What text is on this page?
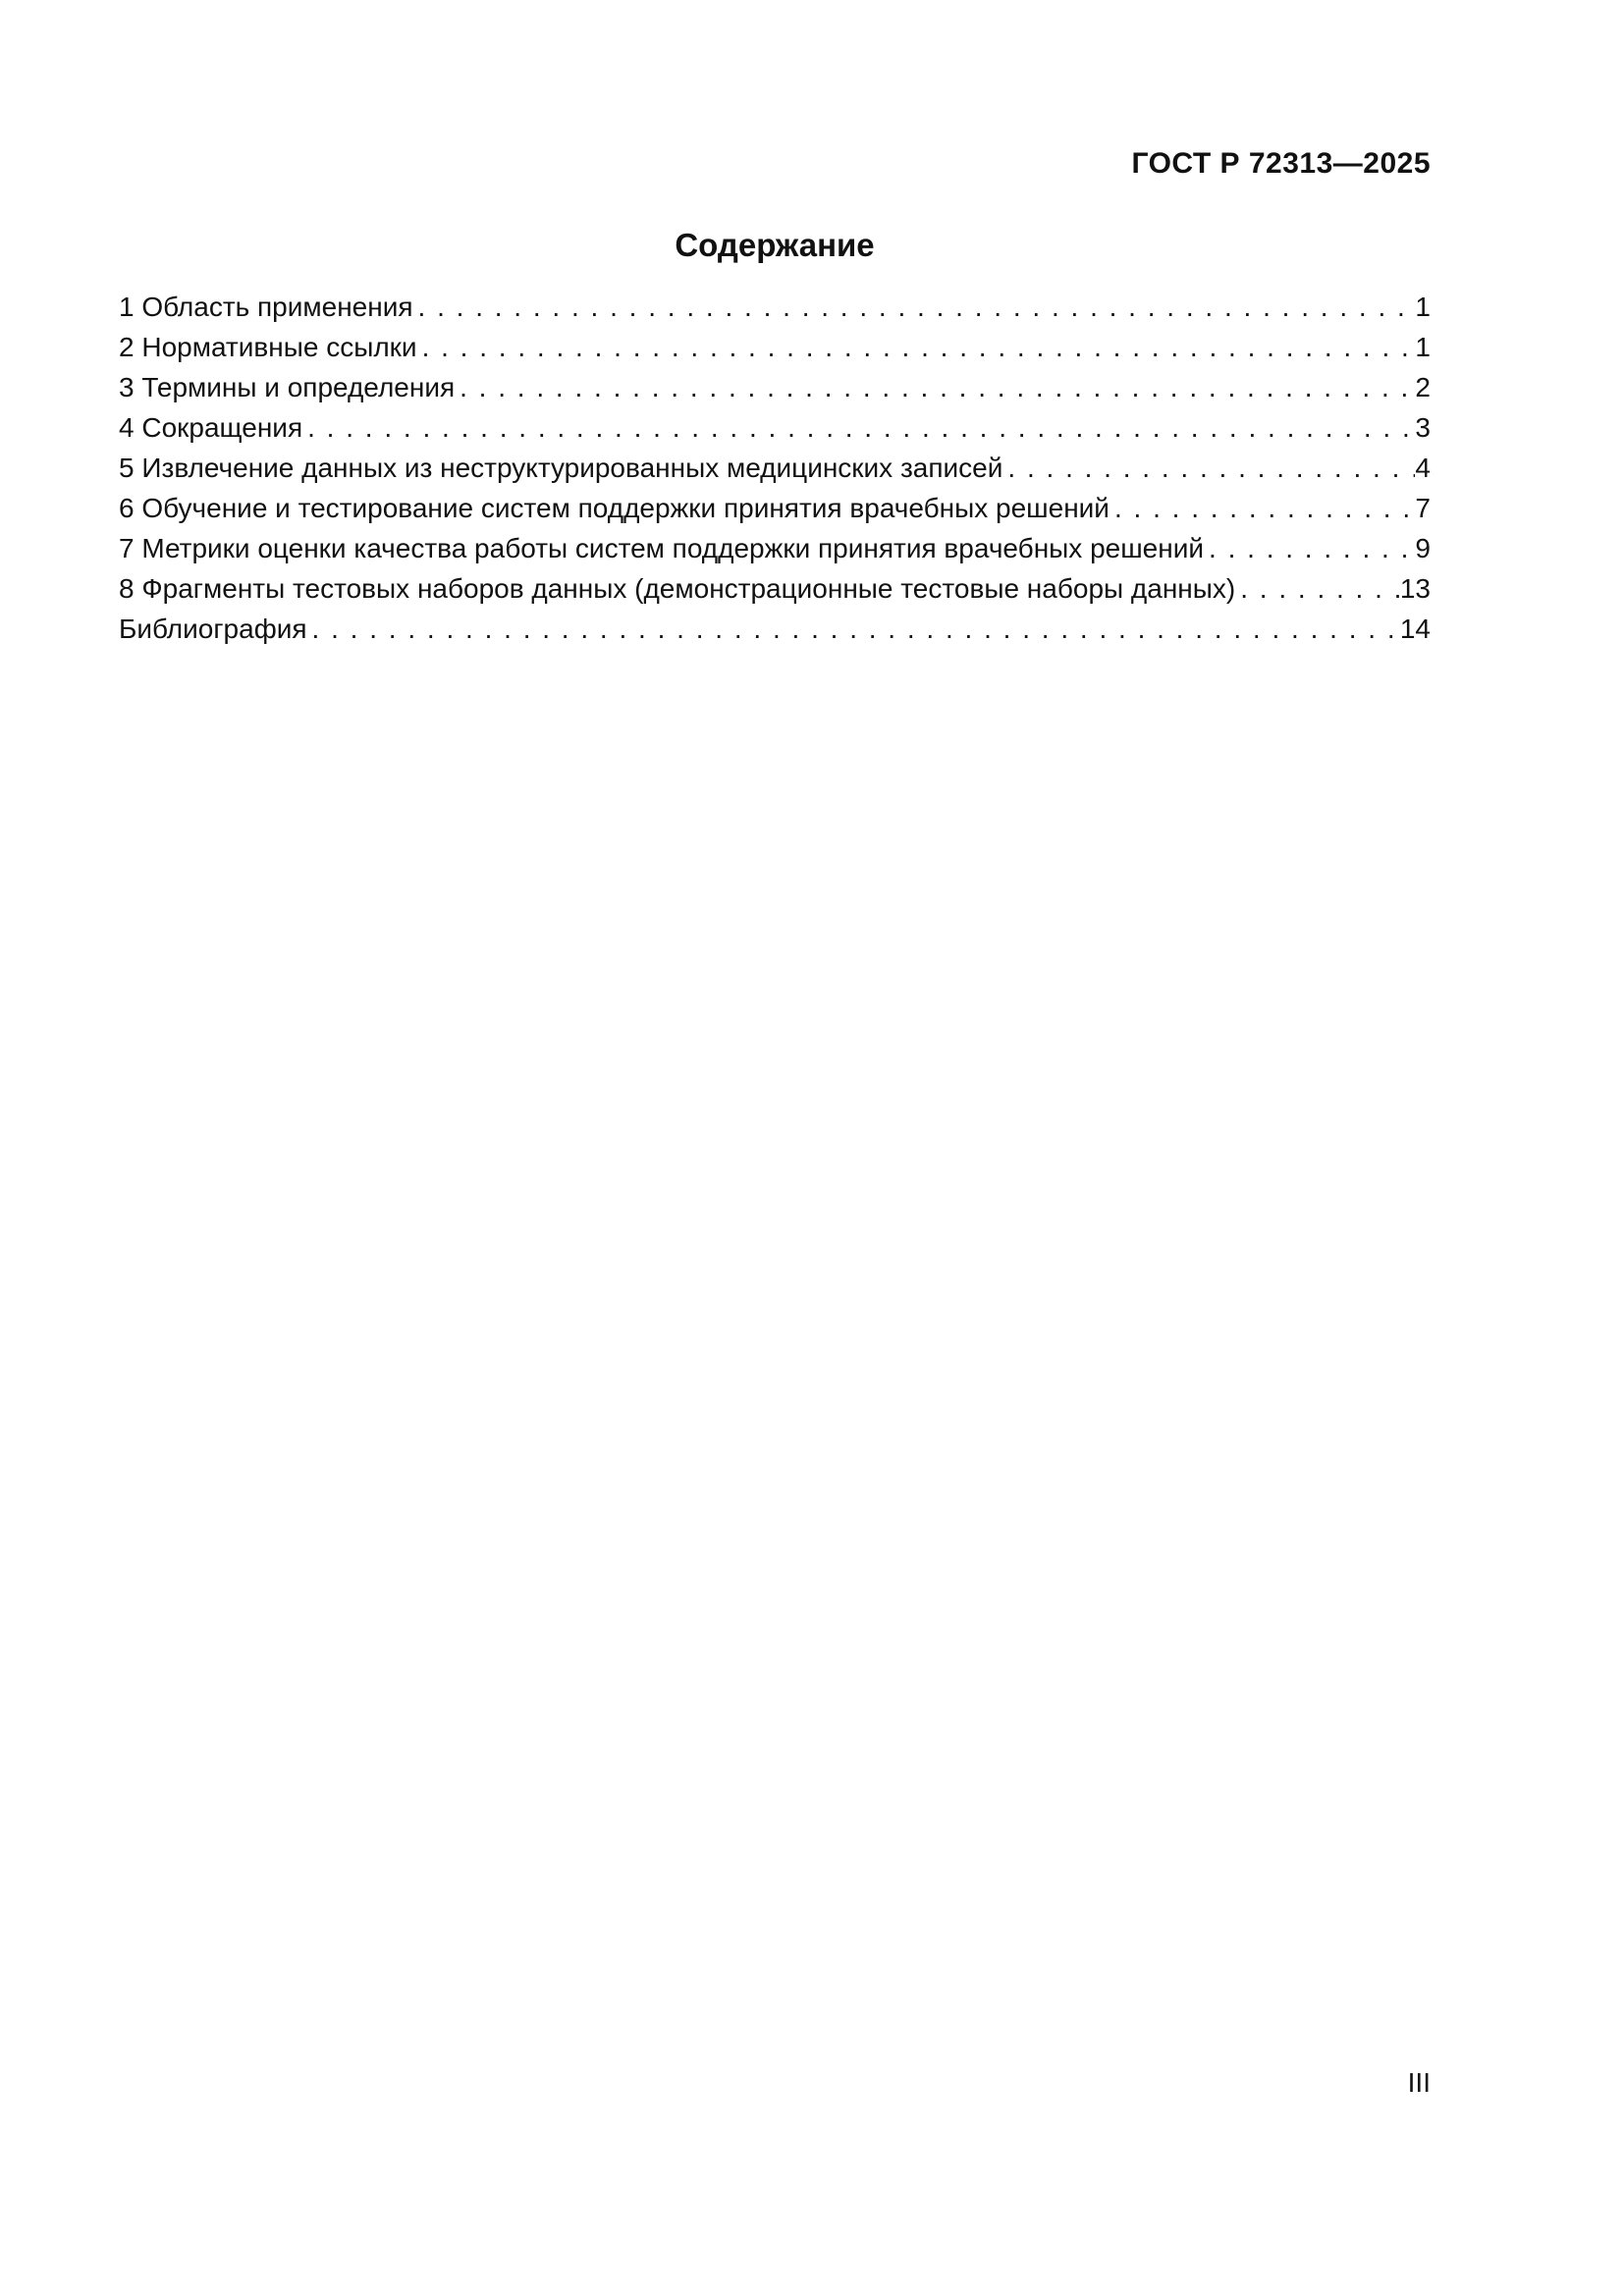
ГОСТ Р 72313—2025
Содержание
1 Область применения . . .	1
2 Нормативные ссылки . . .	1
3 Термины и определения . . .	2
4 Сокращения . . .	3
5 Извлечение данных из неструктурированных медицинских записей . . .	4
6 Обучение и тестирование систем поддержки принятия врачебных решений . . .	7
7 Метрики оценки качества работы систем поддержки принятия врачебных решений . . .	9
8 Фрагменты тестовых наборов данных (демонстрационные тестовые наборы данных) . . .	13
Библиография . . .	14
III
